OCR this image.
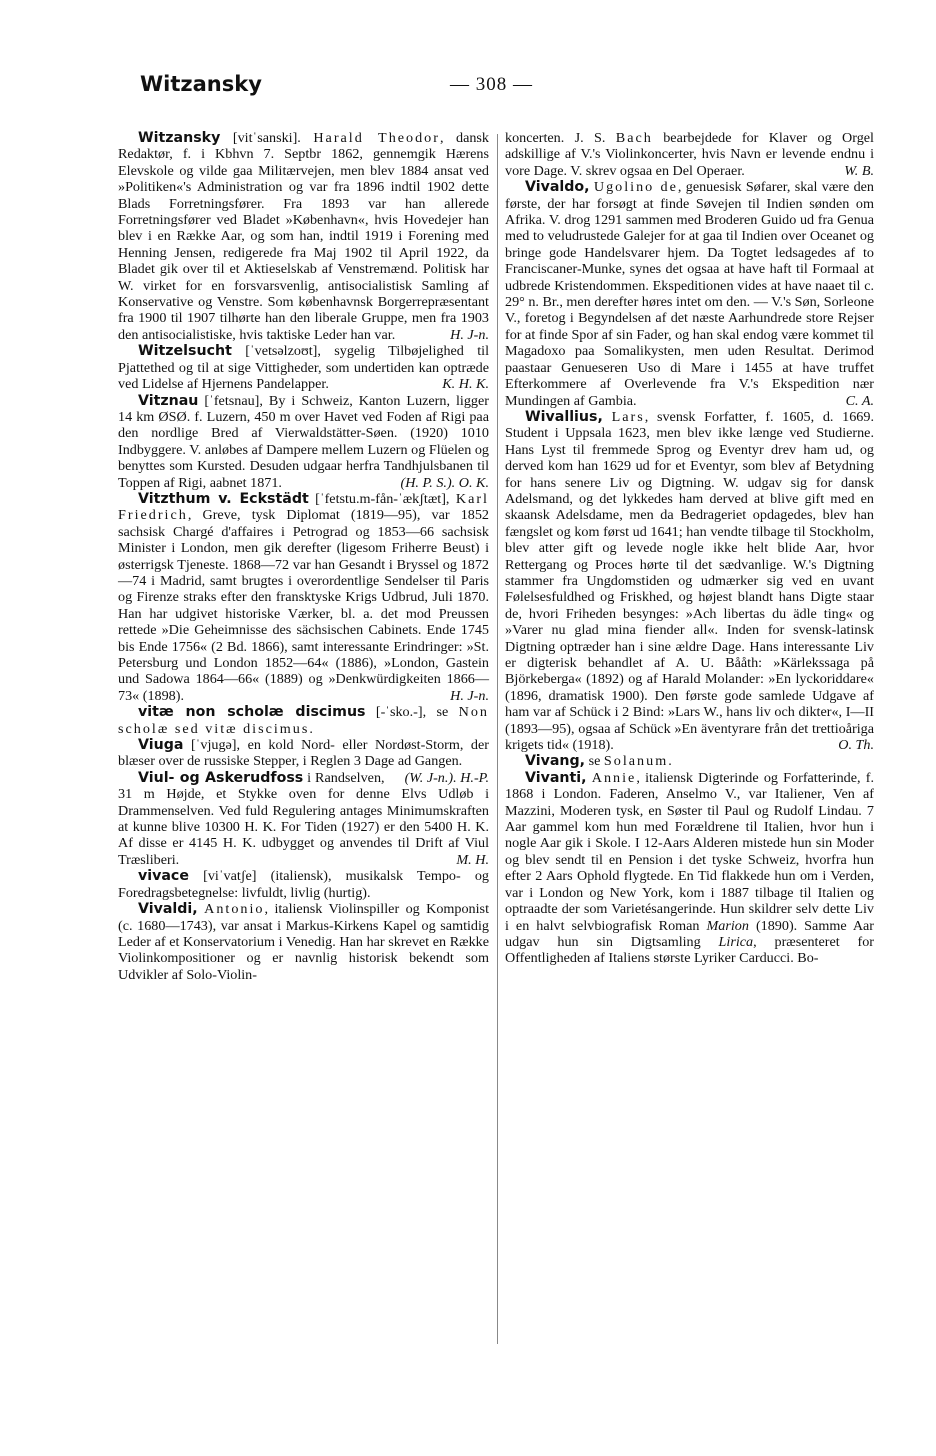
Witzansky	— 308 —

Witzansky [vitˈsanski]. Harald Theodor, dansk Redaktør, f. i Kbhvn 7. Septbr 1862, gennemgik Hærens Elevskole og vilde gaa Militærvejen, men blev 1884 ansat ved »Politiken«'s Administration og var fra 1896 indtil 1902 dette Blads Forretningsfører. Fra 1893 var han allerede Forretningsfører ved Bladet »København«, hvis Hovedejer han blev i en Række Aar, og som han, indtil 1919 i Forening med Henning Jensen, redigerede fra Maj 1902 til April 1922, da Bladet gik over til et Aktieselskab af Venstremænd. Politisk har W. virket for en forsvarsvenlig, antisocialistisk Samling af Konservative og Venstre. Som københavnsk Borgerrepræsentant fra 1900 til 1907 tilhørte han den liberale Gruppe, men fra 1903 den antisocialistiske, hvis taktiske Leder han var.	H. J-n.

Witzelsucht [ˈvetsəlzoʊt], sygelig Tilbøjelighed til Pjattethed og til at sige Vittigheder, som undertiden kan optræde ved Lidelse af Hjernens Pandelapper.	K. H. K.

Vitznau [ˈfetsnau], By i Schweiz, Kanton Luzern, ligger 14 km ØSØ. f. Luzern, 450 m over Havet ved Foden af Rigi paa den nordlige Bred af Vierwaldstätter-Søen. (1920) 1010 Indbyggere. V. anløbes af Dampere mellem Luzern og Flüelen og benyttes som Kursted. Desuden udgaar herfra Tandhjulsbanen til Toppen af Rigi, aabnet 1871.	(H. P. S.). O. K.

Vitzthum v. Eckstädt [ˈfetstu.m-fån-ˈækʃtæt], Karl Friedrich, Greve, tysk Diplomat (1819—95), var 1852 sachsisk Chargé d'affaires i Petrograd og 1853—66 sachsisk Minister i London, men gik derefter (ligesom Friherre Beust) i østerrigsk Tjeneste. 1868—72 var han Gesandt i Bryssel og 1872—74 i Madrid, samt brugtes i overordentlige Sendelser til Paris og Firenze straks efter den fransktyske Krigs Udbrud, Juli 1870. Han har udgivet historiske Værker, bl. a. det mod Preussen rettede »Die Geheimnisse des sächsischen Cabinets. Ende 1745 bis Ende 1756« (2 Bd. 1866), samt interessante Erindringer: »St. Petersburg und London 1852—64« (1886), »London, Gastein und Sadowa 1864—66« (1889) og »Denkwürdigkeiten 1866—73« (1898).	H. J-n.

vitæ non scholæ discimus [-ˈsko.-], se Non scholæ sed vitæ discimus.

Viuga [ˈvjugə], en kold Nord- eller Nordøst-Storm, der blæser over de russiske Stepper, i Reglen 3 Dage ad Gangen.
(W. J-n.). H.-P.

Viul- og Askerudfoss i Randselven, 31 m Højde, et Stykke oven for denne Elvs Udløb i Drammenselven. Ved fuld Regulering antages Minimumskraften at kunne blive 10300 H. K. For Tiden (1927) er den 5400 H. K. Af disse er 4145 H. K. udbygget og anvendes til Drift af Viul Træsliberi.	M. H.

vivace [viˈvatʃe] (italiensk), musikalsk Tempo- og Foredragsbetegnelse: livfuldt, livlig (hurtig).

Vivaldi, Antonio, italiensk Violinspiller og Komponist (c. 1680—1743), var ansat i Markus-Kirkens Kapel og samtidig Leder af et Konservatorium i Venedig. Han har skrevet en Række Violinkompositioner og er navnlig historisk bekendt som Udvikler af Solo-Violin-

koncerten. J. S. Bach bearbejdede for Klaver og Orgel adskillige af V.'s Violinkoncerter, hvis Navn er levende endnu i vore Dage. V. skrev ogsaa en Del Operaer.	W. B.

Vivaldo, Ugolino de, genuesisk Søfarer, skal være den første, der har forsøgt at finde Søvejen til Indien sønden om Afrika. V. drog 1291 sammen med Broderen Guido ud fra Genua med to veludrustede Galejer for at gaa til Indien over Oceanet og bringe gode Handelsvarer hjem. Da Togtet ledsagedes af to Franciscaner-Munke, synes det ogsaa at have haft til Formaal at udbrede Kristendommen. Ekspeditionen vides at have naaet til c. 29° n. Br., men derefter høres intet om den. — V.'s Søn, Sorleone V., foretog i Begyndelsen af det næste Aarhundrede store Rejser for at finde Spor af sin Fader, og han skal endog være kommet til Magadoxo paa Somalikysten, men uden Resultat. Derimod paastaar Genueseren Uso di Mare i 1455 at have truffet Efterkommere af Overlevende fra V.'s Ekspedition nær Mundingen af Gambia.	C. A.

Wivallius, Lars, svensk Forfatter, f. 1605, d. 1669. Student i Uppsala 1623, men blev ikke længe ved Studierne. Hans Lyst til fremmede Sprog og Eventyr drev ham ud, og derved kom han 1629 ud for et Eventyr, som blev af Betydning for hans senere Liv og Digtning. W. udgav sig for dansk Adelsmand, og det lykkedes ham derved at blive gift med en skaansk Adelsdame, men da Bedrageriet opdagedes, blev han fængslet og kom først ud 1641; han vendte tilbage til Stockholm, blev atter gift og levede nogle ikke helt blide Aar, hvor Rettergang og Proces hørte til det sædvanlige. W.'s Digtning stammer fra Ungdomstiden og udmærker sig ved en uvant Følelsesfuldhed og Friskhed, og højest blandt hans Digte staar de, hvori Friheden besynges: »Ach libertas du ädle ting« og »Varer nu glad mina fiender all«. Inden for svensk-latinsk Digtning optræder han i sine ældre Dage. Hans interessante Liv er digterisk behandlet af A. U. Bååth: »Kärlekssaga på Björkeberga« (1892) og af Harald Molander: »En lyckoriddare« (1896, dramatisk 1900). Den første gode samlede Udgave af ham var af Schück i 2 Bind: »Lars W., hans liv och dikter«, I—II (1893—95), ogsaa af Schück »En äventyrare från det trettioåriga krigets tid« (1918).	O. Th.

Vivang, se Solanum.

Vivanti, Annie, italiensk Digterinde og Forfatterinde, f. 1868 i London. Faderen, Anselmo V., var Italiener, Ven af Mazzini, Moderen tysk, en Søster til Paul og Rudolf Lindau. 7 Aar gammel kom hun med Forældrene til Italien, hvor hun i nogle Aar gik i Skole. I 12-Aars Alderen mistede hun sin Moder og blev sendt til en Pension i det tyske Schweiz, hvorfra hun efter 2 Aars Ophold flygtede. En Tid flakkede hun om i Verden, var i London og New York, kom i 1887 tilbage til Italien og optraadte der som Varietésangerinde. Hun skildrer selv dette Liv i en halvt selvbiografisk Roman Marion (1890). Samme Aar udgav hun sin Digtsamling Lirica, præsenteret for Offentligheden af Italiens største Lyriker Carducci. Bo-
